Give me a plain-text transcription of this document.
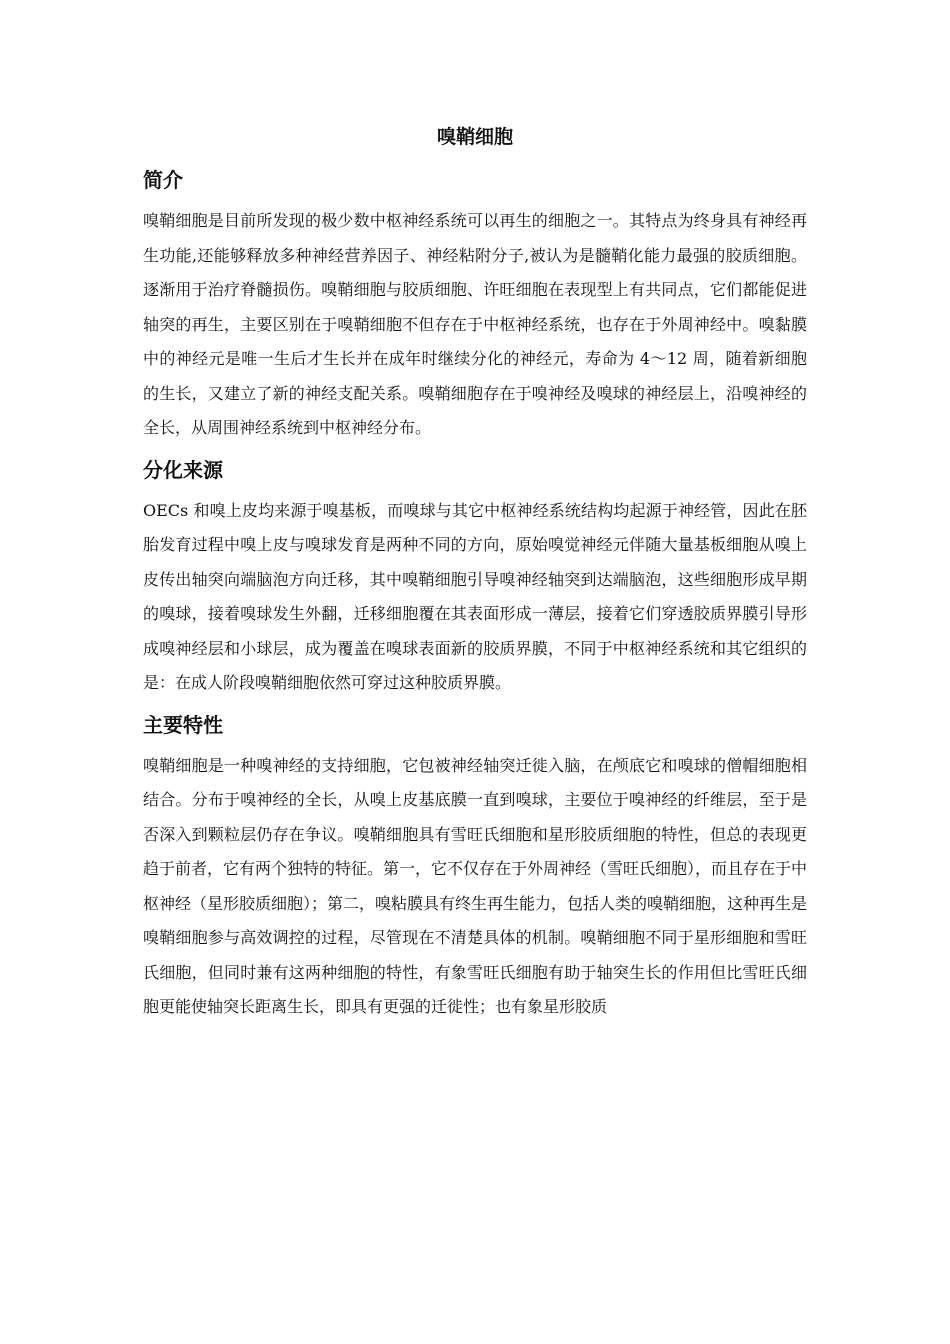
嗅鞘细胞
简介

嗅鞘细胞是目前所发现的极少数中枢神经系统可以再生的细胞之一。其特点为终身具有神经再生功能,还能够释放多种神经营养因子、神经粘附分子,被认为是髓鞘化能力最强的胶质细胞。逐渐用于治疗脊髓损伤。嗅鞘细胞与胶质细胞、许旺细胞在表现型上有共同点，它们都能促进轴突的再生，主要区别在于嗅鞘细胞不但存在于中枢神经系统，也存在于外周神经中。嗅黏膜中的神经元是唯一生后才生长并在成年时继续分化的神经元，寿命为 4～12 周，随着新细胞的生长，又建立了新的神经支配关系。嗅鞘细胞存在于嗅神经及嗅球的神经层上，沿嗅神经的全长，从周围神经系统到中枢神经分布。

分化来源

OECs 和嗅上皮均来源于嗅基板，而嗅球与其它中枢神经系统结构均起源于神经管，因此在胚胎发育过程中嗅上皮与嗅球发育是两种不同的方向，原始嗅觉神经元伴随大量基板细胞从嗅上皮传出轴突向端脑泡方向迁移，其中嗅鞘细胞引导嗅神经轴突到达端脑泡，这些细胞形成早期的嗅球，接着嗅球发生外翻，迁移细胞覆在其表面形成一薄层，接着它们穿透胶质界膜引导形成嗅神经层和小球层，成为覆盖在嗅球表面新的胶质界膜，不同于中枢神经系统和其它组织的是：在成人阶段嗅鞘细胞依然可穿过这种胶质界膜。

主要特性

嗅鞘细胞是一种嗅神经的支持细胞，它包被神经轴突迁徙入脑，在颅底它和嗅球的僧帽细胞相结合。分布于嗅神经的全长，从嗅上皮基底膜一直到嗅球，主要位于嗅神经的纤维层，至于是否深入到颗粒层仍存在争议。嗅鞘细胞具有雪旺氏细胞和星形胶质细胞的特性，但总的表现更趋于前者，它有两个独特的特征。第一，它不仅存在于外周神经（雪旺氏细胞），而且存在于中枢神经（星形胶质细胞）；第二，嗅粘膜具有终生再生能力，包括人类的嗅鞘细胞，这种再生是嗅鞘细胞参与高效调控的过程，尽管现在不清楚具体的机制。嗅鞘细胞不同于星形细胞和雪旺氏细胞，但同时兼有这两种细胞的特性，有象雪旺氏细胞有助于轴突生长的作用但比雪旺氏细胞更能使轴突长距离生长，即具有更强的迁徙性；也有象星形胶质
